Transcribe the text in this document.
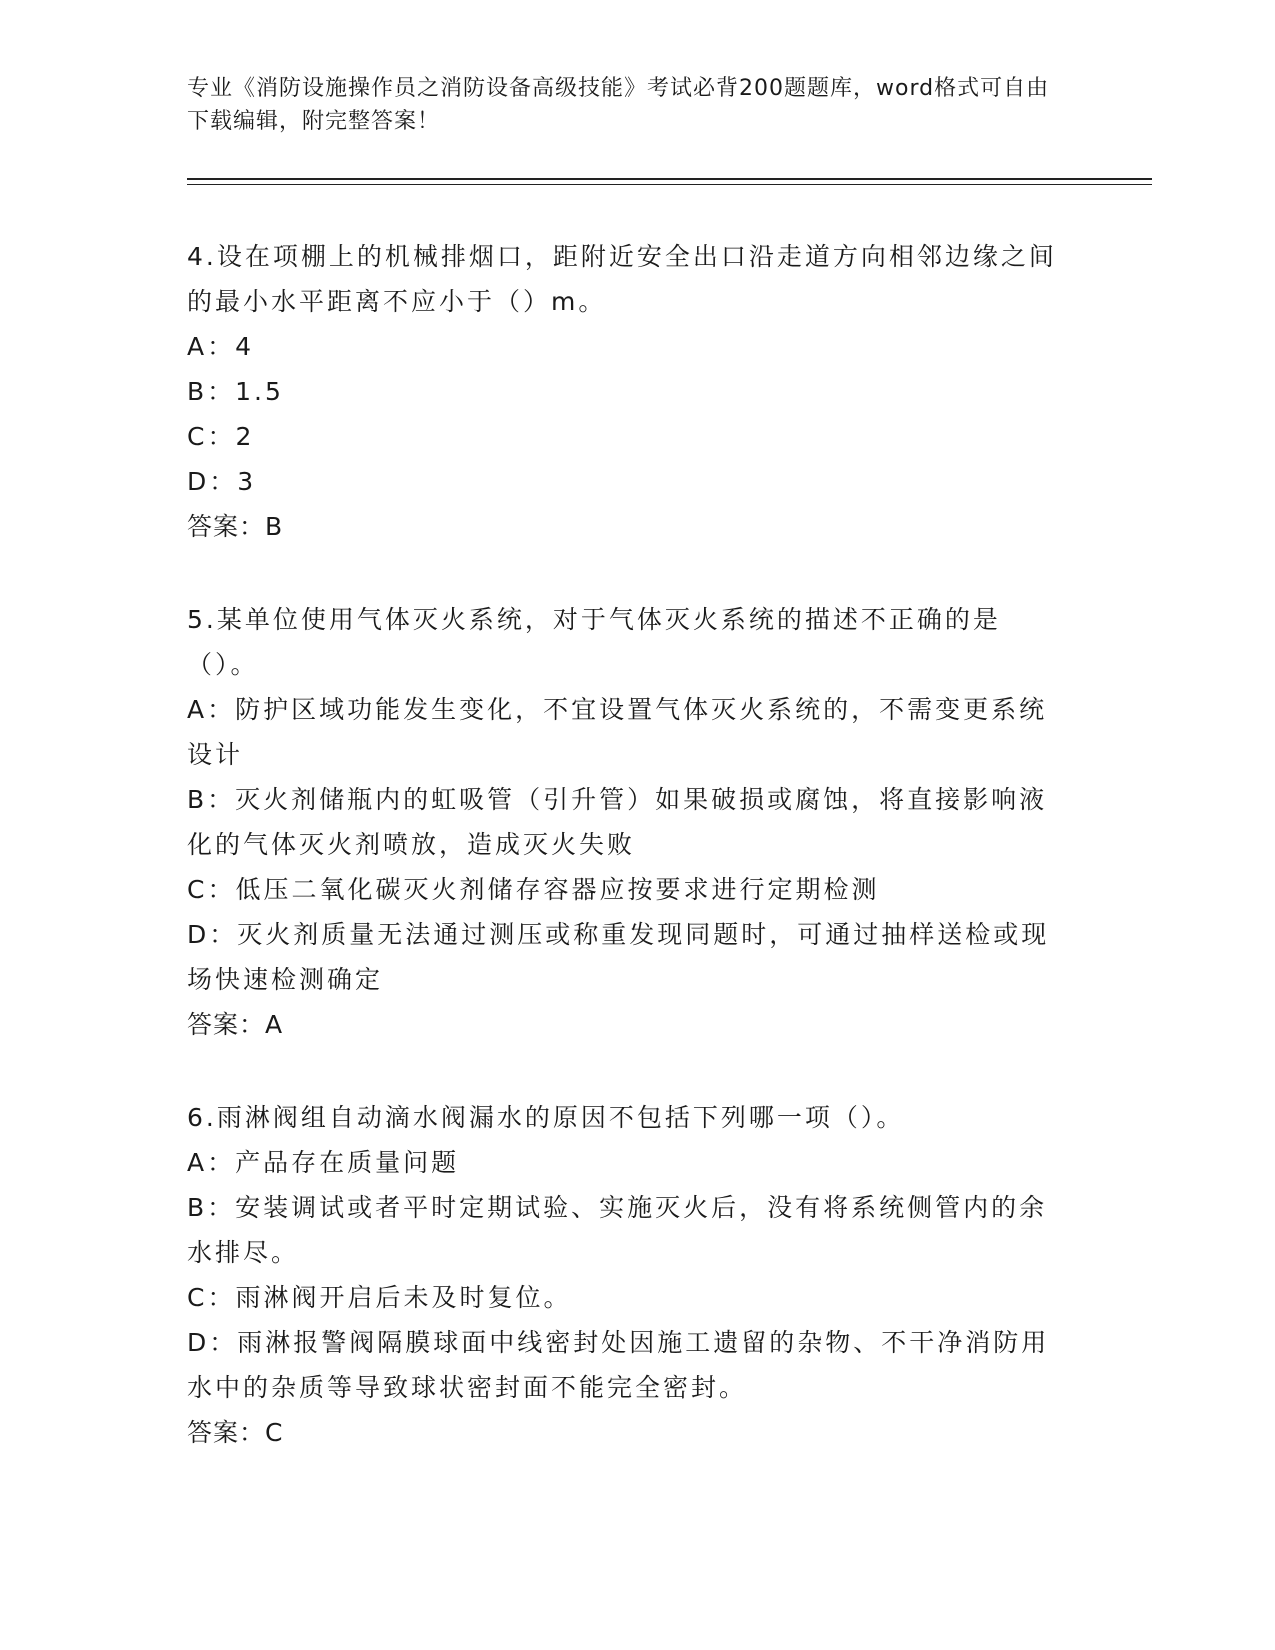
专业《消防设施操作员之消防设备高级技能》考试必背200题题库，word格式可自由下载编辑，附完整答案！

4.设在项棚上的机械排烟口，距附近安全出口沿走道方向相邻边缘之间的最小水平距离不应小于（）m。

A：4

B：1.5

C：2

D：3

答案：B

5.某单位使用气体灭火系统，对于气体灭火系统的描述不正确的是（）。

A：防护区域功能发生变化，不宜设置气体灭火系统的，不需变更系统设计

B：灭火剂储瓶内的虹吸管（引升管）如果破损或腐蚀，将直接影响液化的气体灭火剂喷放，造成灭火失败

C：低压二氧化碳灭火剂储存容器应按要求进行定期检测

D：灭火剂质量无法通过测压或称重发现同题时，可通过抽样送检或现场快速检测确定

答案：A

6.雨淋阀组自动滴水阀漏水的原因不包括下列哪一项（）。

A：产品存在质量问题

B：安装调试或者平时定期试验、实施灭火后，没有将系统侧管内的余水排尽。

C：雨淋阀开启后未及时复位。

D：雨淋报警阀隔膜球面中线密封处因施工遗留的杂物、不干净消防用水中的杂质等导致球状密封面不能完全密封。

答案：C
